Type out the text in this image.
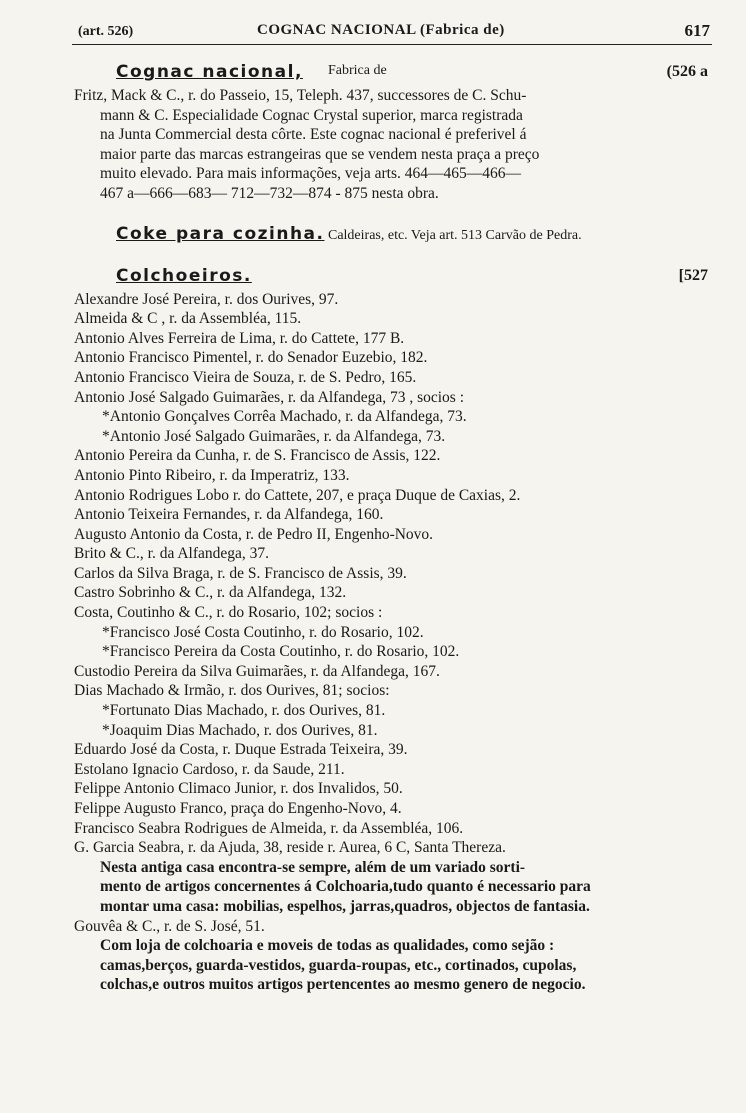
(art. 526)	COGNAC NACIONAL (Fabrica de)	617
Cognac nacional, Fabrica de	(526 a
Fritz, Mack & C., r. do Passeio, 15, Teleph. 437, successores de C. Schu-
mann & C. Especialidade Cognac Crystal superior, marca registrada
na Junta Commercial desta côrte. Este cognac nacional é preferivel á
maior parte das marcas estrangeiras que se vendem nesta praça a preço
muito elevado. Para mais informações, veja arts. 464—465—466—
467 a—666—683— 712—732—874 - 875 nesta obra.
Coke para cozinha. Caldeiras, etc. Veja art. 513 Carvão de Pedra.
Colchoeiros.	[527
Alexandre José Pereira, r. dos Ourives, 97.
Almeida & C , r. da Assembléa, 115.
Antonio Alves Ferreira de Lima, r. do Cattete, 177 B.
Antonio Francisco Pimentel, r. do Senador Euzebio, 182.
Antonio Francisco Vieira de Souza, r. de S. Pedro, 165.
Antonio José Salgado Guimarães, r. da Alfandega, 73 , socios :
*Antonio Gonçalves Corrêa Machado, r. da Alfandega, 73.
*Antonio José Salgado Guimarães, r. da Alfandega, 73.
Antonio Pereira da Cunha, r. de S. Francisco de Assis, 122.
Antonio Pinto Ribeiro, r. da Imperatriz, 133.
Antonio Rodrigues Lobo r. do Cattete, 207, e praça Duque de Caxias, 2.
Antonio Teixeira Fernandes, r. da Alfandega, 160.
Augusto Antonio da Costa, r. de Pedro II, Engenho-Novo.
Brito & C., r. da Alfandega, 37.
Carlos da Silva Braga, r. de S. Francisco de Assis, 39.
Castro Sobrinho & C., r. da Alfandega, 132.
Costa, Coutinho & C., r. do Rosario, 102; socios :
*Francisco José Costa Coutinho, r. do Rosario, 102.
*Francisco Pereira da Costa Coutinho, r. do Rosario, 102.
Custodio Pereira da Silva Guimarães, r. da Alfandega, 167.
Dias Machado & Irmão, r. dos Ourives, 81; socios:
*Fortunato Dias Machado, r. dos Ourives, 81.
*Joaquim Dias Machado, r. dos Ourives, 81.
Eduardo José da Costa, r. Duque Estrada Teixeira, 39.
Estolano Ignacio Cardoso, r. da Saude, 211.
Felippe Antonio Climaco Junior, r. dos Invalidos, 50.
Felippe Augusto Franco, praça do Engenho-Novo, 4.
Francisco Seabra Rodrigues de Almeida, r. da Assembléa, 106.
G. Garcia Seabra, r. da Ajuda, 38, reside r. Aurea, 6 C, Santa Thereza.
Nesta antiga casa encontra-se sempre, além de um variado sorti-
mento de artigos concernentes á Colchoaria,tudo quanto é necessario para
montar uma casa: mobilias, espelhos, jarras,quadros, objectos de fantasia.
Gouvêa & C., r. de S. José, 51.
Com loja de colchoaria e moveis de todas as qualidades, como sejão :
camas,berços, guarda-vestidos, guarda-roupas, etc., cortinados, cupolas,
colchas,e outros muitos artigos pertencentes ao mesmo genero de negocio.
